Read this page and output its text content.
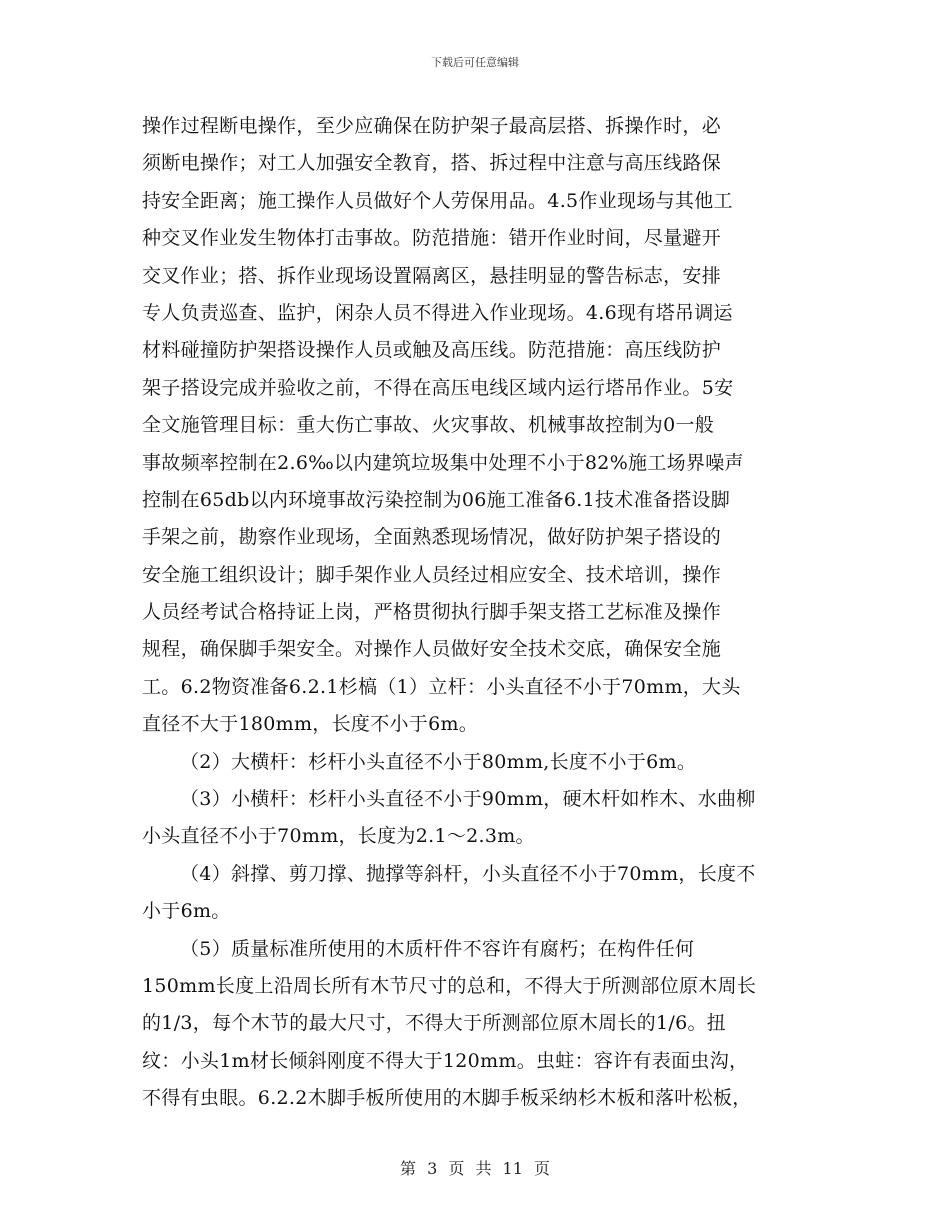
下载后可任意编辑
操作过程断电操作，至少应确保在防护架子最高层搭、拆操作时，必
须断电操作；对工人加强安全教育，搭、拆过程中注意与高压线路保
持安全距离；施工操作人员做好个人劳保用品。4.5作业现场与其他工
种交叉作业发生物体打击事故。防范措施：错开作业时间，尽量避开
交叉作业；搭、拆作业现场设置隔离区，悬挂明显的警告标志，安排
专人负责巡查、监护，闲杂人员不得进入作业现场。4.6现有塔吊调运
材料碰撞防护架搭设操作人员或触及高压线。防范措施：高压线防护
架子搭设完成并验收之前，不得在高压电线区域内运行塔吊作业。5安
全文施管理目标：重大伤亡事故、火灾事故、机械事故控制为0一般
事故频率控制在2.6‰以内建筑垃圾集中处理不小于82%施工场界噪声
控制在65db以内环境事故污染控制为06施工准备6.1技术准备搭设脚
手架之前，勘察作业现场，全面熟悉现场情况，做好防护架子搭设的
安全施工组织设计；脚手架作业人员经过相应安全、技术培训，操作
人员经考试合格持证上岗，严格贯彻执行脚手架支搭工艺标准及操作
规程，确保脚手架安全。对操作人员做好安全技术交底，确保安全施
工。6.2物资准备6.2.1杉槁（1）立杆：小头直径不小于70mm，大头
直径不大于180mm，长度不小于6m。
（2）大横杆：杉杆小头直径不小于80mm,长度不小于6m。
（3）小横杆：杉杆小头直径不小于90mm，硬木杆如柞木、水曲柳
小头直径不小于70mm，长度为2.1～2.3m。
（4）斜撑、剪刀撑、抛撑等斜杆，小头直径不小于70mm，长度不
小于6m。
（5）质量标准所使用的木质杆件不容许有腐朽；在构件任何
150mm长度上沿周长所有木节尺寸的总和，不得大于所测部位原木周长
的1/3，每个木节的最大尺寸，不得大于所测部位原木周长的1/6。扭
纹：小头1m材长倾斜刚度不得大于120mm。虫蛀：容许有表面虫沟，
不得有虫眼。6.2.2木脚手板所使用的木脚手板采纳杉木板和落叶松板，
第 3 页 共 11 页
